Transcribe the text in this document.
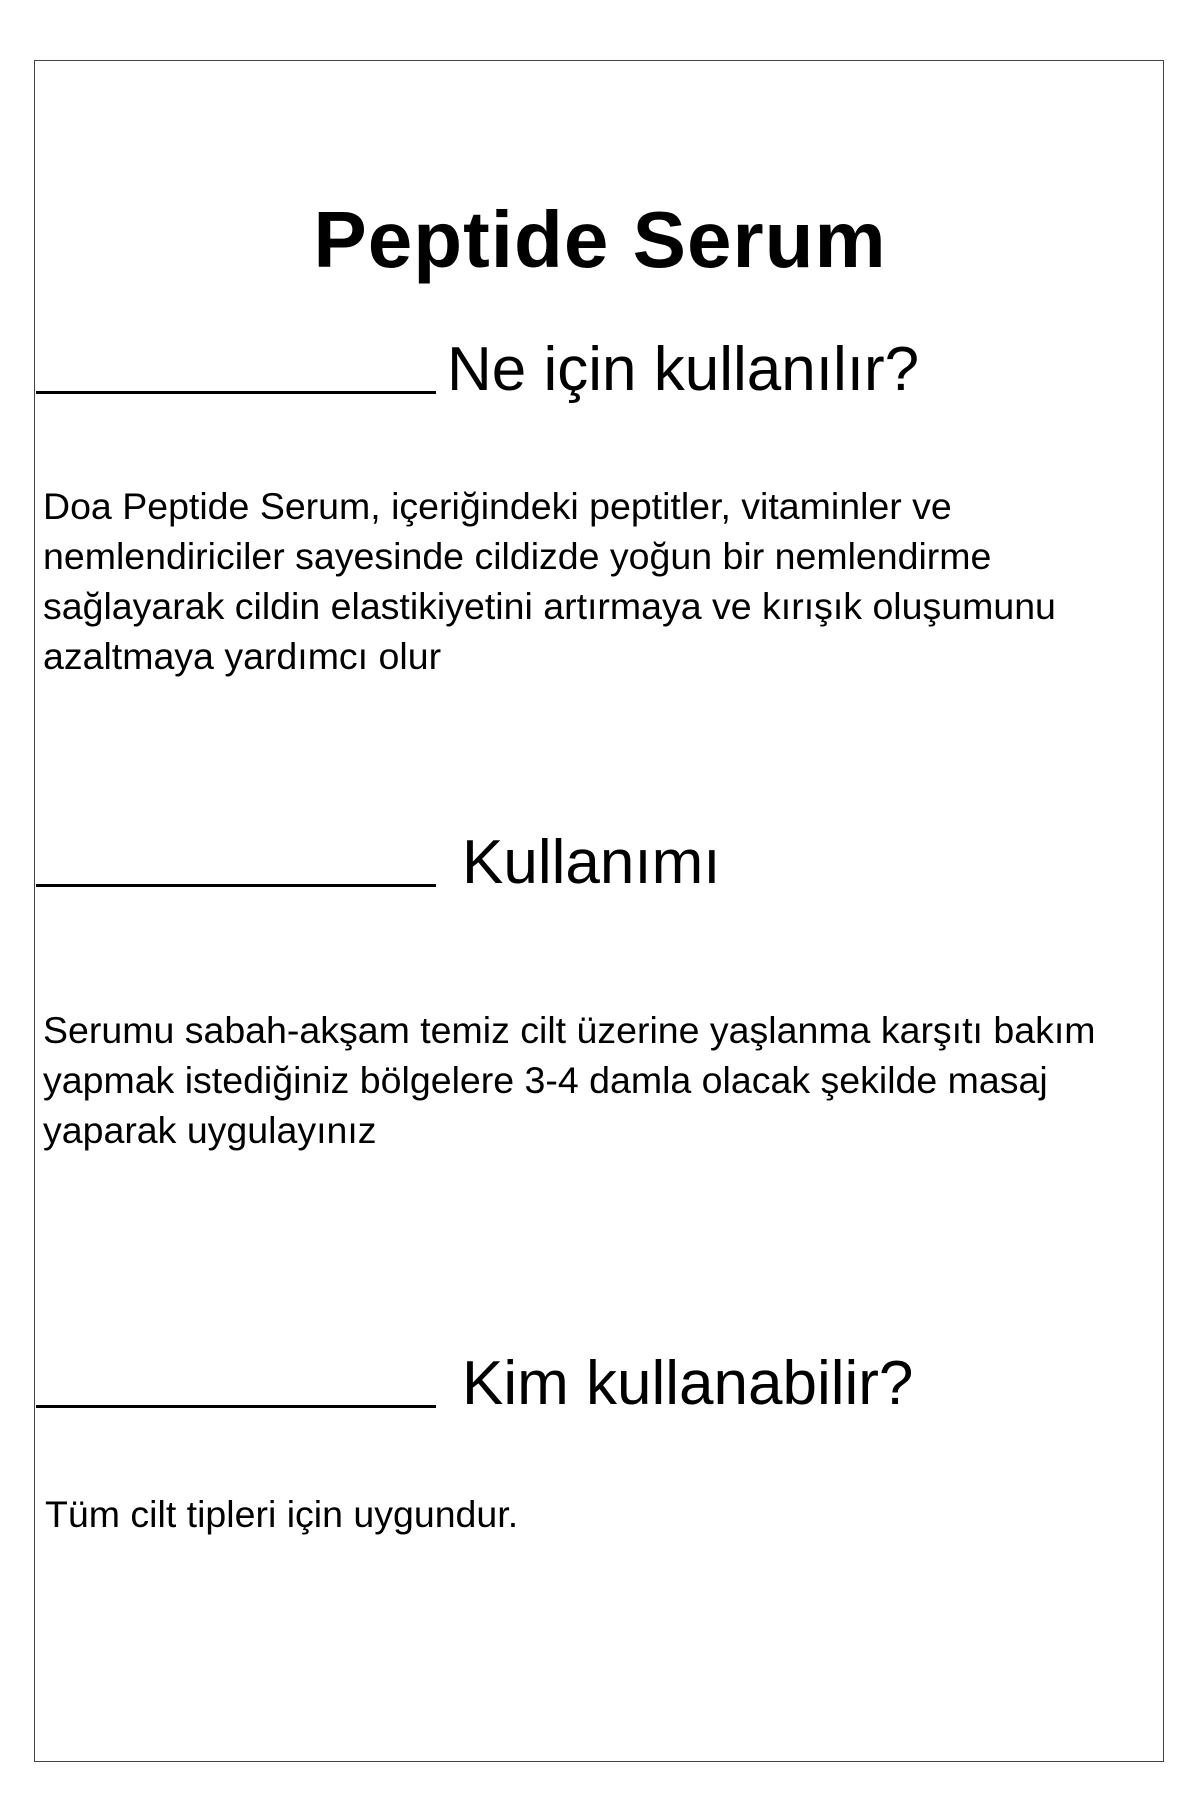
Peptide Serum
Ne için kullanılır?

Doa Peptide Serum, içeriğindeki peptitler, vitaminler ve nemlendiriciler sayesinde cildizde yoğun bir nemlendirme sağlayarak cildin elastikiyetini artırmaya ve kırışık oluşumunu azaltmaya yardımcı olur

Kullanımı

Serumu sabah-akşam temiz cilt üzerine yaşlanma karşıtı bakım yapmak istediğiniz bölgelere 3-4 damla olacak şekilde masaj yaparak uygulayınız

Kim kullanabilir?

Tüm cilt tipleri için uygundur.
